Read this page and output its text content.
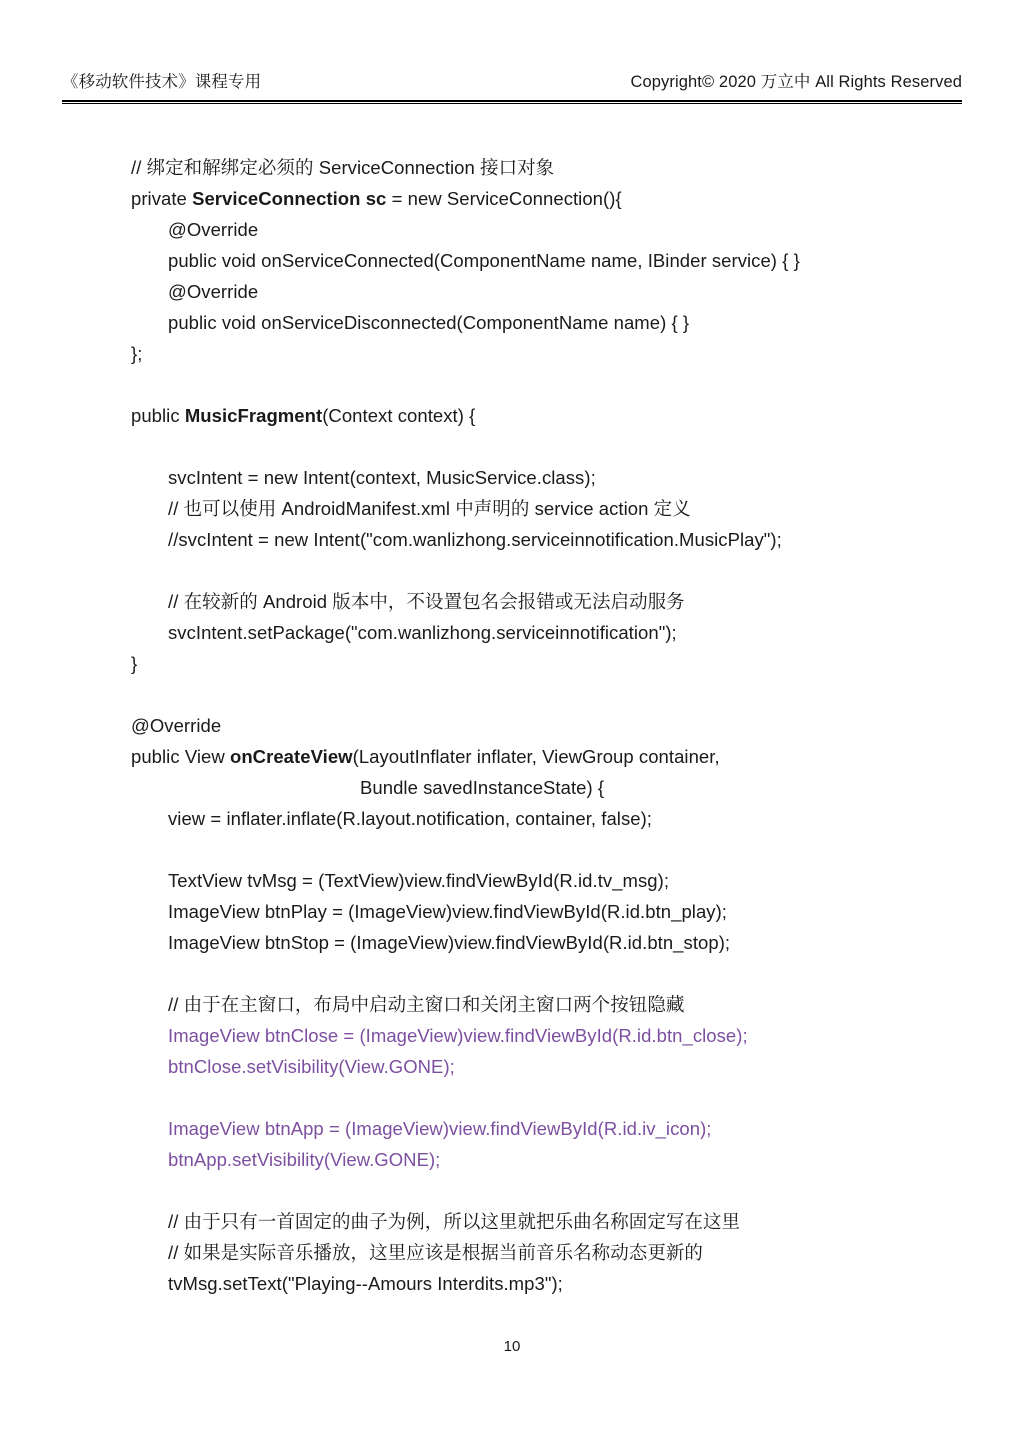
《移动软件技术》课程专用	Copyright© 2020 万立中 All Rights Reserved
// 绑定和解绑定必须的 ServiceConnection 接口对象
private ServiceConnection sc = new ServiceConnection(){
@Override
public void onServiceConnected(ComponentName name, IBinder service) { }
@Override
public void onServiceDisconnected(ComponentName name) { }
};

public MusicFragment(Context context) {

svcIntent = new Intent(context, MusicService.class);
// 也可以使用 AndroidManifest.xml 中声明的 service action 定义
//svcIntent = new Intent("com.wanlizhong.serviceinnotification.MusicPlay");

// 在较新的 Android 版本中，不设置包名会报错或无法启动服务
svcIntent.setPackage("com.wanlizhong.serviceinnotification");
}

@Override
public View onCreateView(LayoutInflater inflater, ViewGroup container,
Bundle savedInstanceState) {
view = inflater.inflate(R.layout.notification, container, false);

TextView tvMsg = (TextView)view.findViewById(R.id.tv_msg);
ImageView btnPlay = (ImageView)view.findViewById(R.id.btn_play);
ImageView btnStop = (ImageView)view.findViewById(R.id.btn_stop);

// 由于在主窗口，布局中启动主窗口和关闭主窗口两个按钮隐藏
ImageView btnClose = (ImageView)view.findViewById(R.id.btn_close);
btnClose.setVisibility(View.GONE);

ImageView btnApp = (ImageView)view.findViewById(R.id.iv_icon);
btnApp.setVisibility(View.GONE);

// 由于只有一首固定的曲子为例，所以这里就把乐曲名称固定写在这里
// 如果是实际音乐播放，这里应该是根据当前音乐名称动态更新的
tvMsg.setText("Playing--Amours Interdits.mp3");
10
